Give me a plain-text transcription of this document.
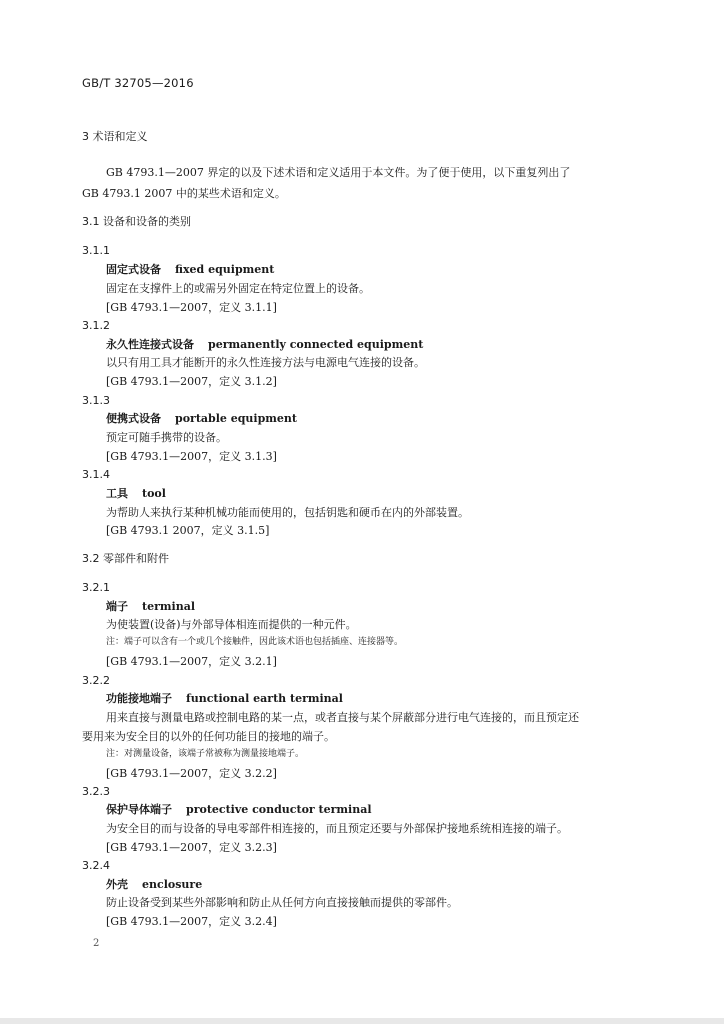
GB/T 32705—2016
3 术语和定义
GB 4793.1—2007 界定的以及下述术语和定义适用于本文件。为了便于使用，以下重复列出了
GB 4793.1 2007 中的某些术语和定义。
3.1 设备和设备的类别
3.1.1
固定式设备 fixed equipment
固定在支撑件上的或需另外固定在特定位置上的设备。
[GB 4793.1—2007，定义 3.1.1]
3.1.2
永久性连接式设备 permanently connected equipment
以只有用工具才能断开的永久性连接方法与电源电气连接的设备。
[GB 4793.1—2007，定义 3.1.2]
3.1.3
便携式设备 portable equipment
预定可随手携带的设备。
[GB 4793.1—2007，定义 3.1.3]
3.1.4
工具 tool
为帮助人来执行某种机械功能而使用的，包括钥匙和硬币在内的外部装置。
[GB 4793.1 2007，定义 3.1.5]
3.2 零部件和附件
3.2.1
端子 terminal
为使装置(设备)与外部导体相连而提供的一种元件。
注：端子可以含有一个或几个接触件，因此该术语也包括插座、连接器等。
[GB 4793.1—2007，定义 3.2.1]
3.2.2
功能接地端子 functional earth terminal
用来直接与测量电路或控制电路的某一点，或者直接与某个屏蔽部分进行电气连接的，而且预定还
要用来为安全目的以外的任何功能目的接地的端子。
注：对测量设备，该端子常被称为测量接地端子。
[GB 4793.1—2007，定义 3.2.2]
3.2.3
保护导体端子 protective conductor terminal
为安全目的而与设备的导电零部件相连接的，而且预定还要与外部保护接地系统相连接的端子。
[GB 4793.1—2007，定义 3.2.3]
3.2.4
外壳 enclosure
防止设备受到某些外部影响和防止从任何方向直接接触而提供的零部件。
[GB 4793.1—2007，定义 3.2.4]
2
